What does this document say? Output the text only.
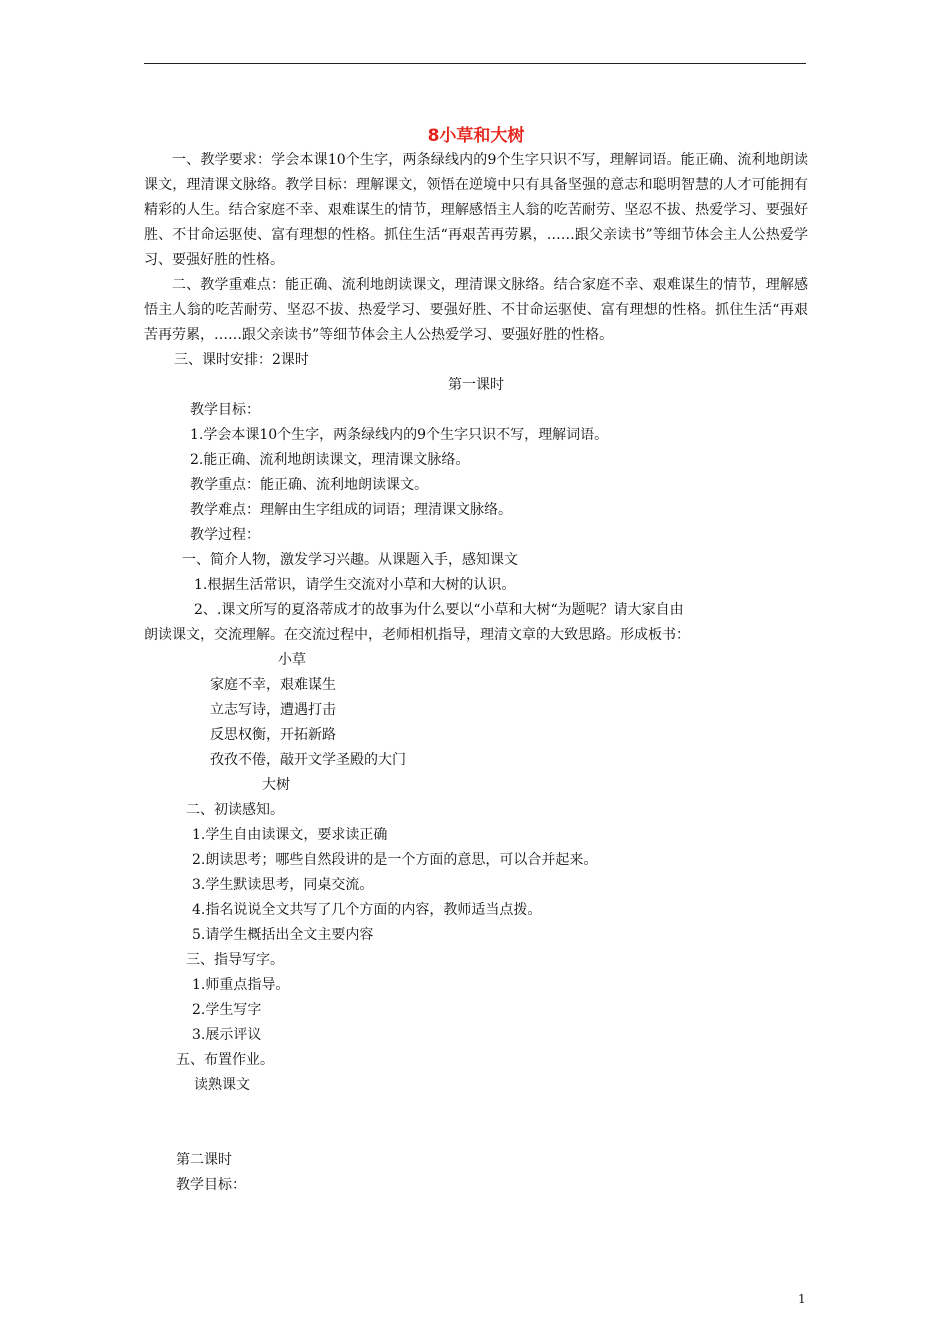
8小草和大树

一、教学要求：学会本课10个生字，两条绿线内的9个生字只识不写，理解词语。能正确、流利地朗读课文，理清课文脉络。教学目标：理解课文，领悟在逆境中只有具备坚强的意志和聪明智慧的人才可能拥有精彩的人生。结合家庭不幸、艰难谋生的情节，理解感悟主人翁的吃苦耐劳、坚忍不拔、热爱学习、要强好胜、不甘命运驱使、富有理想的性格。抓住生活“再艰苦再劳累，……跟父亲读书”等细节体会主人公热爱学习、要强好胜的性格。

二、教学重难点：能正确、流利地朗读课文，理清课文脉络。结合家庭不幸、艰难谋生的情节，理解感悟主人翁的吃苦耐劳、坚忍不拔、热爱学习、要强好胜、不甘命运驱使、富有理想的性格。抓住生活“再艰苦再劳累，……跟父亲读书”等细节体会主人公热爱学习、要强好胜的性格。

三、课时安排：2课时
第一课时
教学目标：
1.学会本课10个生字，两条绿线内的9个生字只识不写，理解词语。
2.能正确、流利地朗读课文，理清课文脉络。
教学重点：能正确、流利地朗读课文。
教学难点：理解由生字组成的词语；理清课文脉络。
教学过程：
一、简介人物，激发学习兴趣。从课题入手，感知课文
1.根据生活常识，请学生交流对小草和大树的认识。
2、.课文所写的夏洛蒂成才的故事为什么要以“小草和大树“为题呢？请大家自由
朗读课文，交流理解。在交流过程中，老师相机指导，理清文章的大致思路。形成板书：
小草
家庭不幸，艰难谋生
立志写诗，遭遇打击
反思权衡，开拓新路
孜孜不倦，敲开文学圣殿的大门
大树
二、初读感知。
1.学生自由读课文，要求读正确
2.朗读思考；哪些自然段讲的是一个方面的意思，可以合并起来。
3.学生默读思考，同桌交流。
4.指名说说全文共写了几个方面的内容，教师适当点拨。
5.请学生概括出全文主要内容
三、指导写字。
1.师重点指导。
2.学生写字
3.展示评议
五、布置作业。
读熟课文
第二课时
教学目标：
1
